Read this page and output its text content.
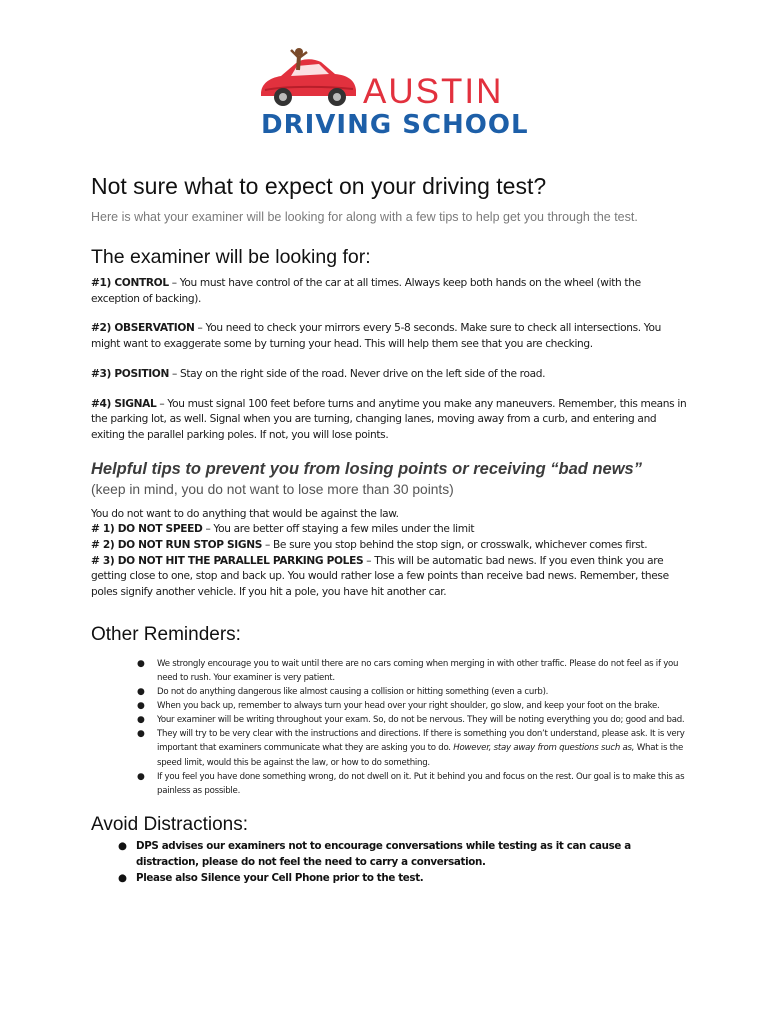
AUSTIN
DRIVING SCHOOL
Not sure what to expect on your driving test?

Here is what your examiner will be looking for along with a few tips to help get you through the test.

The examiner will be looking for:

#1) CONTROL – You must have control of the car at all times. Always keep both hands on the wheel (with the exception of backing).

#2) OBSERVATION – You need to check your mirrors every 5-8 seconds. Make sure to check all intersections. You might want to exaggerate some by turning your head. This will help them see that you are checking.

#3) POSITION – Stay on the right side of the road. Never drive on the left side of the road.

#4) SIGNAL – You must signal 100 feet before turns and anytime you make any maneuvers. Remember, this means in the parking lot, as well. Signal when you are turning, changing lanes, moving away from a curb, and entering and exiting the parallel parking poles. If not, you will lose points.

Helpful tips to prevent you from losing points or receiving “bad news”

(keep in mind, you do not want to lose more than 30 points)

You do not want to do anything that would be against the law.

# 1) DO NOT SPEED – You are better off staying a few miles under the limit

# 2) DO NOT RUN STOP SIGNS – Be sure you stop behind the stop sign, or crosswalk, whichever comes first.

# 3) DO NOT HIT THE PARALLEL PARKING POLES – This will be automatic bad news. If you even think you are getting close to one, stop and back up. You would rather lose a few points than receive bad news. Remember, these poles signify another vehicle. If you hit a pole, you have hit another car.

Other Reminders:
● We strongly encourage you to wait until there are no cars coming when merging in with other traffic. Please do not feel as if you need to rush. Your examiner is very patient.
● Do not do anything dangerous like almost causing a collision or hitting something (even a curb).
● When you back up, remember to always turn your head over your right shoulder, go slow, and keep your foot on the brake.
● Your examiner will be writing throughout your exam. So, do not be nervous. They will be noting everything you do; good and bad.
● They will try to be very clear with the instructions and directions. If there is something you don’t understand, please ask. It is very important that examiners communicate what they are asking you to do. However, stay away from questions such as, What is the speed limit, would this be against the law, or how to do something.
● If you feel you have done something wrong, do not dwell on it. Put it behind you and focus on the rest. Our goal is to make this as painless as possible.
Avoid Distractions:
● DPS advises our examiners not to encourage conversations while testing as it can cause a distraction, please do not feel the need to carry a conversation.
● Please also Silence your Cell Phone prior to the test.
